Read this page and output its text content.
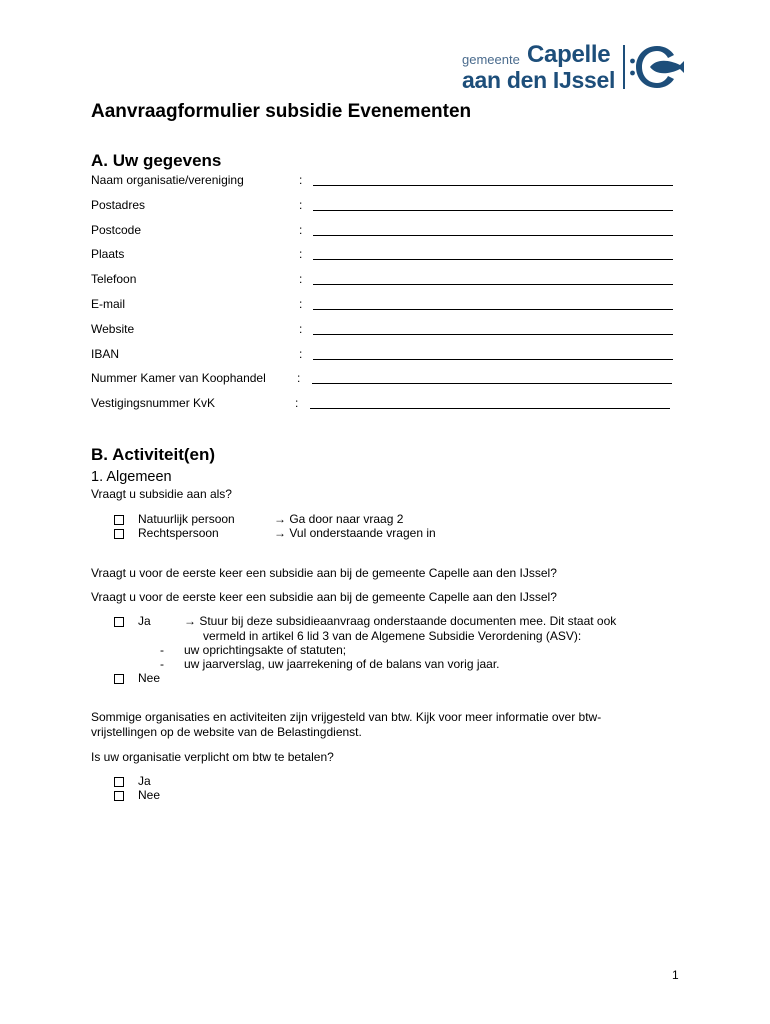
gemeente Capelle
aan den IJssel
Aanvraagformulier subsidie Evenementen
A. Uw gegevens
Naam organisatie/vereniging	:
Postadres	:
Postcode	:
Plaats	:
Telefoon	:
E-mail	:
Website	:
IBAN	:
Nummer Kamer van Koophandel	:
Vestigingsnummer KvK	:
B. Activiteit(en)
1. Algemeen
Vraagt u subsidie aan als?
Natuurlijk persoon	→ Ga door naar vraag 2
Rechtspersoon	→ Vul onderstaande vragen in
Vraagt u voor de eerste keer een subsidie aan bij de gemeente Capelle aan den IJssel?
Vraagt u voor de eerste keer een subsidie aan bij de gemeente Capelle aan den IJssel?
Ja	→ Stuur bij deze subsidieaanvraag onderstaande documenten mee. Dit staat ook
vermeld in artikel 6 lid 3 van de Algemene Subsidie Verordening (ASV):
- uw oprichtingsakte of statuten;
- uw jaarverslag, uw jaarrekening of de balans van vorig jaar.
Nee
Sommige organisaties en activiteiten zijn vrijgesteld van btw. Kijk voor meer informatie over btw-
vrijstellingen op de website van de Belastingdienst.
Is uw organisatie verplicht om btw te betalen?
Ja
Nee
1
